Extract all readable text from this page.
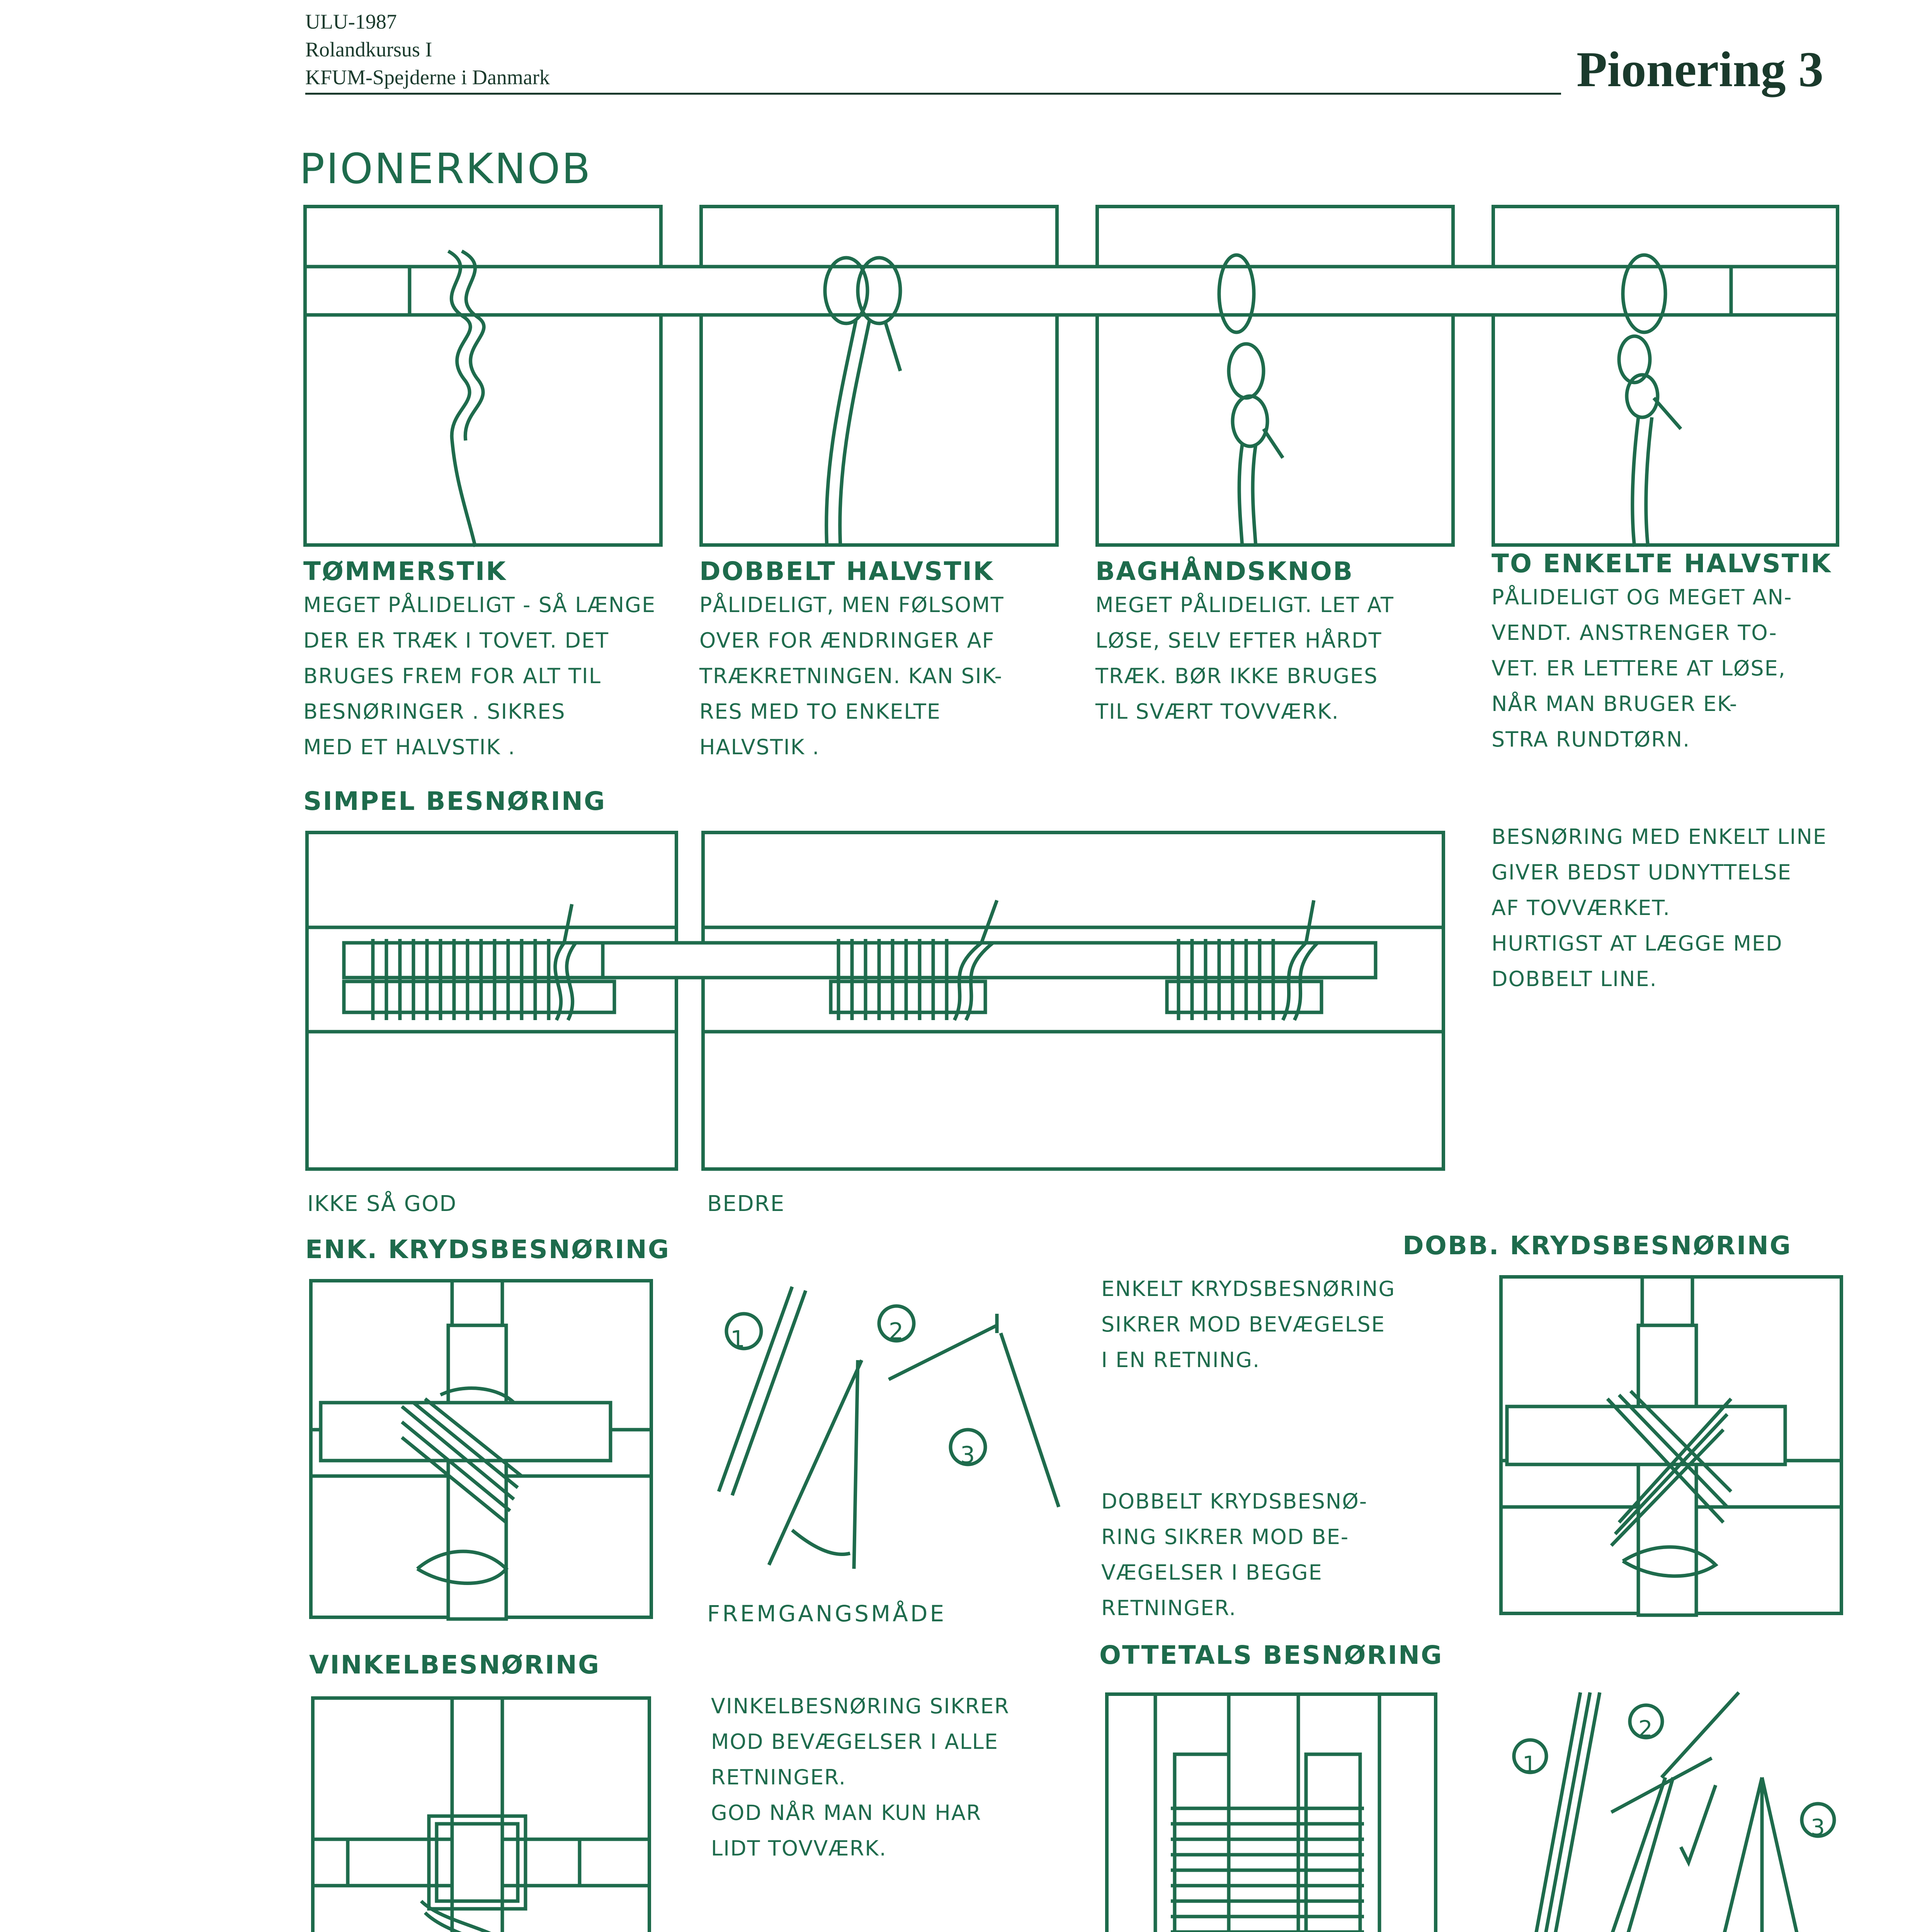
ULU-1987
Rolandkursus I
KFUM-Spejderne i Danmark	Pionering 3
PIONERKNOB
TØMMERSTIK
MEGET PÅLIDELIGT - SÅ LÆNGE
DER ER TRÆK I TOVET. DET
BRUGES FREM FOR ALT TIL
BESNØRINGER . SIKRES
MED ET HALVSTIK .
DOBBELT HALVSTIK
PÅLIDELIGT, MEN FØLSOMT
OVER FOR ÆNDRINGER AF
TRÆKRETNINGEN. KAN SIK-
RES MED TO ENKELTE
HALVSTIK .
BAGHÅNDSKNOB
MEGET PÅLIDELIGT. LET AT
LØSE, SELV EFTER HÅRDT
TRÆK. BØR IKKE BRUGES
TIL SVÆRT TOVVÆRK.
TO ENKELTE HALVSTIK
PÅLIDELIGT OG MEGET AN-
VENDT. ANSTRENGER TO-
VET. ER LETTERE AT LØSE,
NÅR MAN BRUGER EK-
STRA RUNDTØRN.
SIMPEL BESNØRING
IKKE SÅ GOD	BEDRE
BESNØRING MED ENKELT LINE
GIVER BEDST UDNYTTELSE
AF TOVVÆRKET.
HURTIGST AT LÆGGE MED
DOBBELT LINE.
ENK. KRYDSBESNØRING	DOBB. KRYDSBESNØRING
1	2
3
FREMGANGSMÅDE
ENKELT KRYDSBESNØRING
SIKRER MOD BEVÆGELSE
I EN RETNING.
DOBBELT KRYDSBESNØ-
RING SIKRER MOD BE-
VÆGELSER I BEGGE
RETNINGER.
VINKELBESNØRING
VINKELBESNØRING SIKRER
MOD BEVÆGELSER I ALLE
RETNINGER.
GOD NÅR MAN KUN HAR
LIDT TOVVÆRK.
OTTETALS BESNØRING
1
2
3
